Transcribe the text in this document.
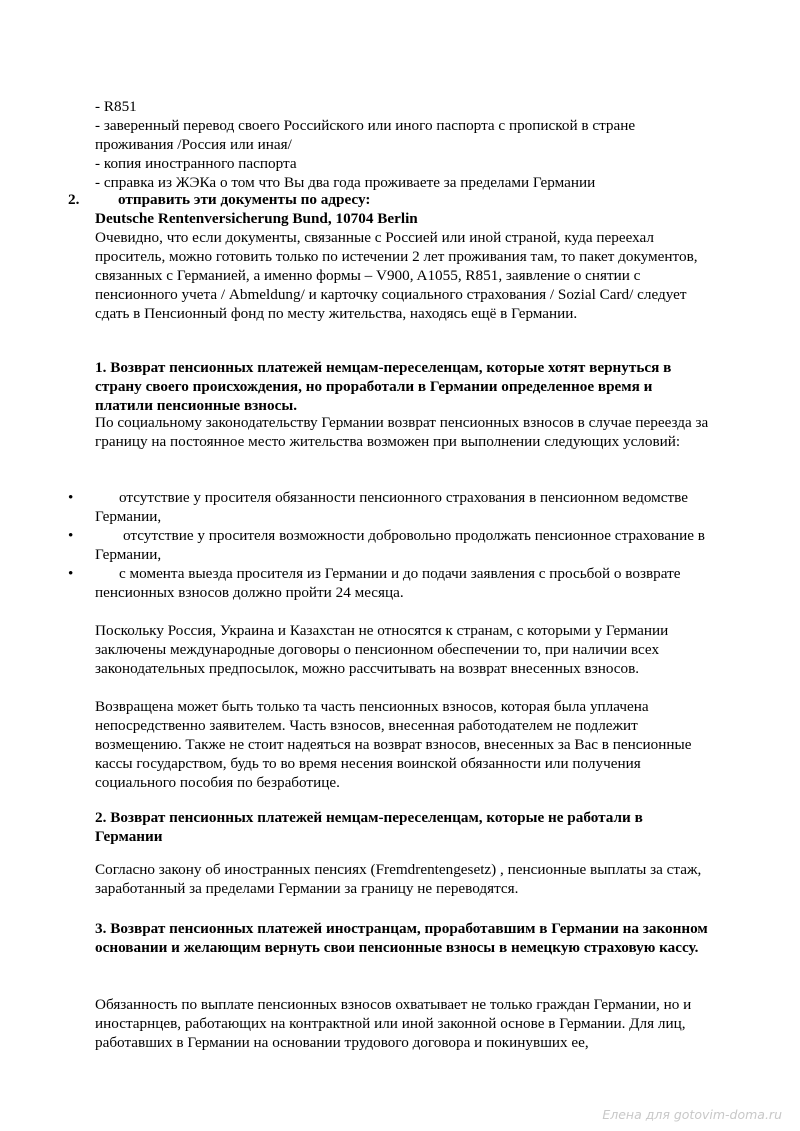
- R851
- заверенный перевод своего Российского или иного паспорта с пропиской в стране проживания /Россия или иная/
- копия иностранного паспорта
- справка из ЖЭКа о том что Вы два года проживаете за пределами Германии
2.	отправить эти документы по адресу:
Deutsche Rentenversicherung Bund, 10704 Berlin
Очевидно, что если документы, связанные с Россией или иной страной, куда переехал проситель, можно готовить только по истечении 2 лет проживания там, то пакет документов, связанных с Германией, а именно формы – V900, A1055, R851, заявление о снятии с пенсионного учета / Abmeldung/ и карточку социального страхования / Sozial Card/ следует сдать в Пенсионный фонд по месту жительства, находясь ещё в Германии.
1. Возврат пенсионных платежей немцам-переселенцам, которые хотят вернуться в страну своего происхождения, но проработали в Германии определенное время и платили пенсионные взносы.
По социальному законодательству Германии возврат пенсионных взносов в случае переезда за границу на постоянное место жительства возможен при выполнении следующих условий:
•	отсутствие у просителя обязанности пенсионного страхования в пенсионном ведомстве Германии,
•	отсутствие у просителя возможности добровольно продолжать пенсионное страхование в Германии,
•	с момента выезда просителя из Германии и до подачи заявления с просьбой о возврате пенсионных взносов должно пройти 24 месяца.
Поскольку Россия, Украина и Казахстан не относятся к странам, с которыми у Германии заключены международные договоры о пенсионном обеспечении то, при наличии всех законодательных предпосылок, можно рассчитывать на возврат внесенных взносов.
Возвращена может быть только та часть пенсионных взносов, которая была уплачена непосредственно заявителем. Часть взносов, внесенная работодателем не подлежит возмещению. Также не стоит надеяться на возврат взносов, внесенных за Вас в пенсионные кассы государством, будь то во время несения воинской обязанности или получения социального пособия по безработице.
2. Возврат пенсионных платежей немцам-переселенцам, которые не работали в Германии
Согласно закону об иностранных пенсиях (Fremdrentengesetz) , пенсионные выплаты за стаж, заработанный за пределами Германии за границу не переводятся.
3. Возврат пенсионных платежей иностранцам, проработавшим в Германии на законном основании и желающим вернуть свои пенсионные взносы в немецкую страховую кассу.
Обязанность по выплате пенсионных взносов охватывает не только граждан Германии, но и иностарнцев, работающих на контрактной или иной законной основе в Германии. Для лиц, работавших в Германии на основании трудового договора и покинувших ее,
Елена для gotovim-doma.ru
